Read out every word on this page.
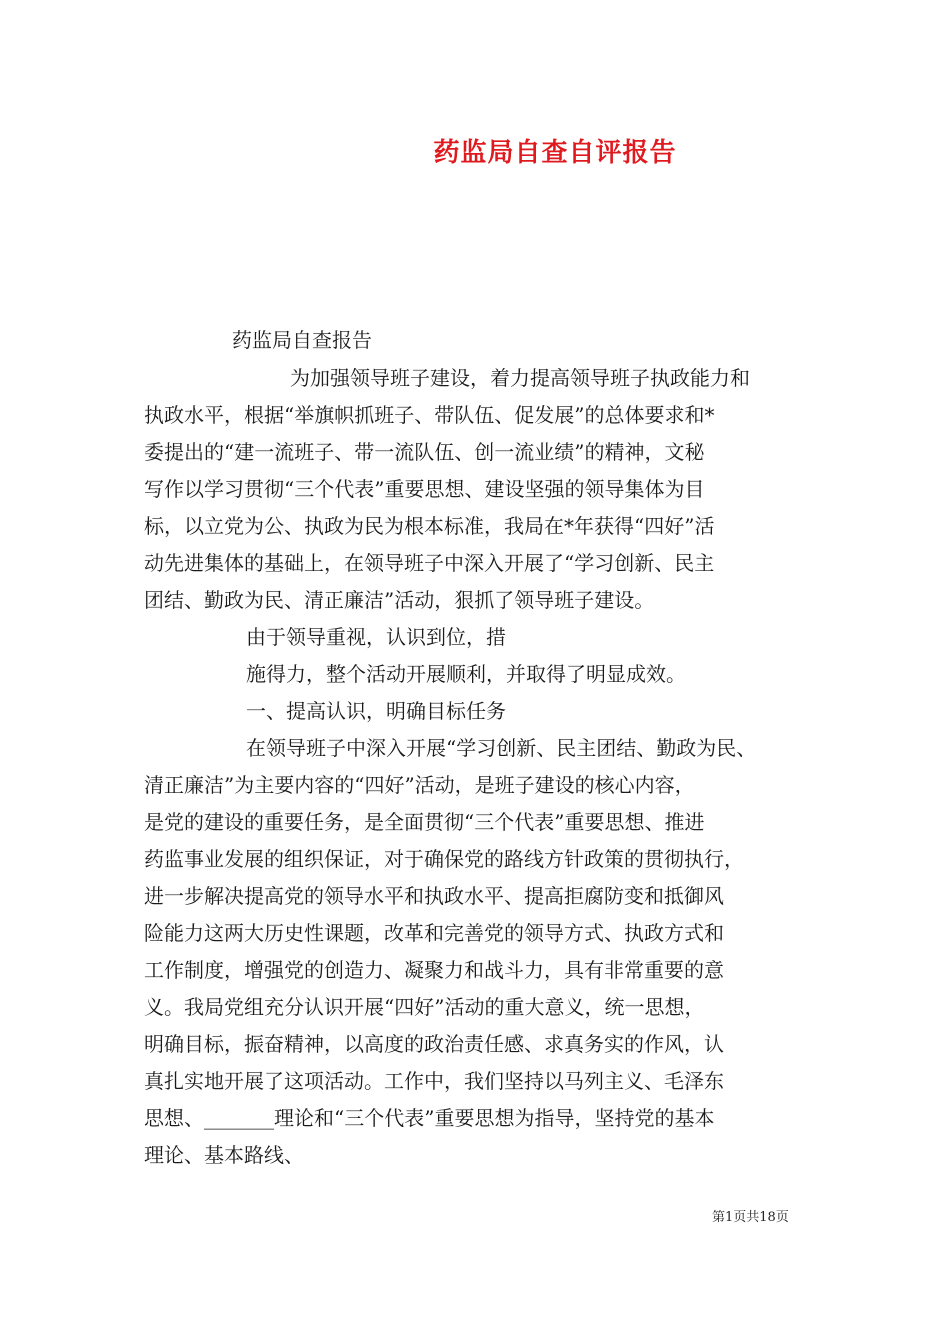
药监局自查自评报告
药监局自查报告
为加强领导班子建设，着力提高领导班子执政能力和
执政水平，根据“举旗帜抓班子、带队伍、促发展”的总体要求和*
委提出的“建一流班子、带一流队伍、创一流业绩”的精神，文秘
写作以学习贯彻“三个代表”重要思想、建设坚强的领导集体为目
标，以立党为公、执政为民为根本标准，我局在*年获得“四好”活
动先进集体的基础上，在领导班子中深入开展了“学习创新、民主
团结、勤政为民、清正廉洁”活动，狠抓了领导班子建设。
由于领导重视，认识到位，措
施得力，整个活动开展顺利，并取得了明显成效。
一、提高认识，明确目标任务
在领导班子中深入开展“学习创新、民主团结、勤政为民、
清正廉洁”为主要内容的“四好”活动，是班子建设的核心内容，
是党的建设的重要任务，是全面贯彻“三个代表”重要思想、推进
药监事业发展的组织保证，对于确保党的路线方针政策的贯彻执行，
进一步解决提高党的领导水平和执政水平、提高拒腐防变和抵御风
险能力这两大历史性课题，改革和完善党的领导方式、执政方式和
工作制度，增强党的创造力、凝聚力和战斗力，具有非常重要的意
义。我局党组充分认识开展“四好”活动的重大意义，统一思想，
明确目标，振奋精神，以高度的政治责任感、求真务实的作风，认
真扎实地开展了这项活动。工作中，我们坚持以马列主义、毛泽东
思想、_______理论和“三个代表”重要思想为指导，坚持党的基本
理论、基本路线、
第1页共18页
